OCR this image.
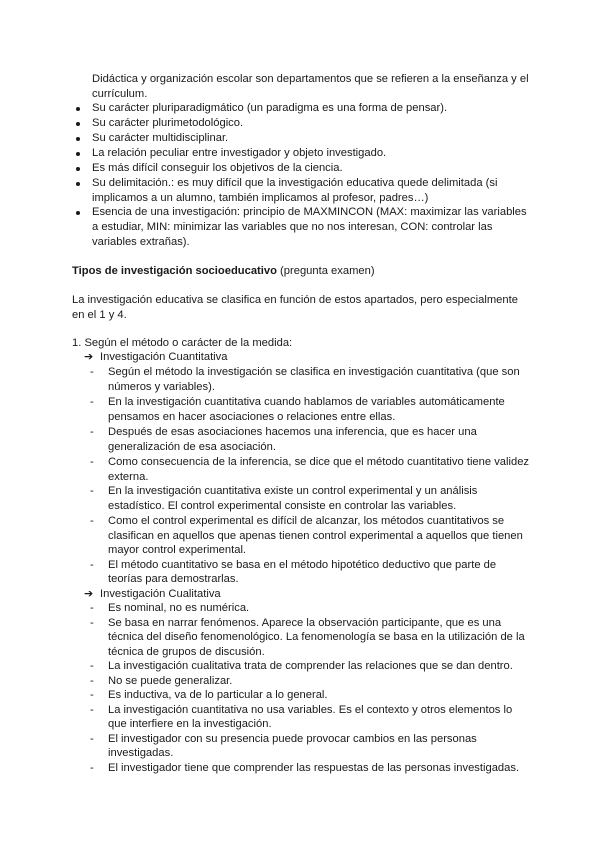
Didáctica y organización escolar son departamentos que se refieren a la enseñanza y el
currículum.
Su carácter pluriparadigmático (un paradigma es una forma de pensar).
Su carácter plurimetodológico.
Su carácter multidisciplinar.
La relación peculiar entre investigador y objeto investigado.
Es más difícil conseguir los objetivos de la ciencia.
Su delimitación.: es muy difícil que la investigación educativa quede delimitada (si
implicamos a un alumno, también implicamos al profesor, padres…)
Esencia de una investigación: principio de MAXMINCON (MAX: maximizar las variables
a estudiar, MIN: minimizar las variables que no nos interesan, CON: controlar las
variables extrañas).
Tipos de investigación socioeducativo (pregunta examen)
La investigación educativa se clasifica en función de estos apartados, pero especialmente
en el 1 y 4.
1. Según el método o carácter de la medida:
➔ Investigación Cuantitativa
- Según el método la investigación se clasifica en investigación cuantitativa (que son
números y variables).
- En la investigación cuantitativa cuando hablamos de variables automáticamente
pensamos en hacer asociaciones o relaciones entre ellas.
- Después de esas asociaciones hacemos una inferencia, que es hacer una
generalización de esa asociación.
- Como consecuencia de la inferencia, se dice que el método cuantitativo tiene validez
externa.
- En la investigación cuantitativa existe un control experimental y un análisis
estadístico. El control experimental consiste en controlar las variables.
- Como el control experimental es difícil de alcanzar, los métodos cuantitativos se
clasifican en aquellos que apenas tienen control experimental a aquellos que tienen
mayor control experimental.
- El método cuantitativo se basa en el método hipotético deductivo que parte de
teorías para demostrarlas.
➔ Investigación Cualitativa
- Es nominal, no es numérica.
- Se basa en narrar fenómenos. Aparece la observación participante, que es una
técnica del diseño fenomenológico. La fenomenología se basa en la utilización de la
técnica de grupos de discusión.
- La investigación cualitativa trata de comprender las relaciones que se dan dentro.
- No se puede generalizar.
- Es inductiva, va de lo particular a lo general.
- La investigación cuantitativa no usa variables. Es el contexto y otros elementos lo
que interfiere en la investigación.
- El investigador con su presencia puede provocar cambios en las personas
investigadas.
- El investigador tiene que comprender las respuestas de las personas investigadas.
